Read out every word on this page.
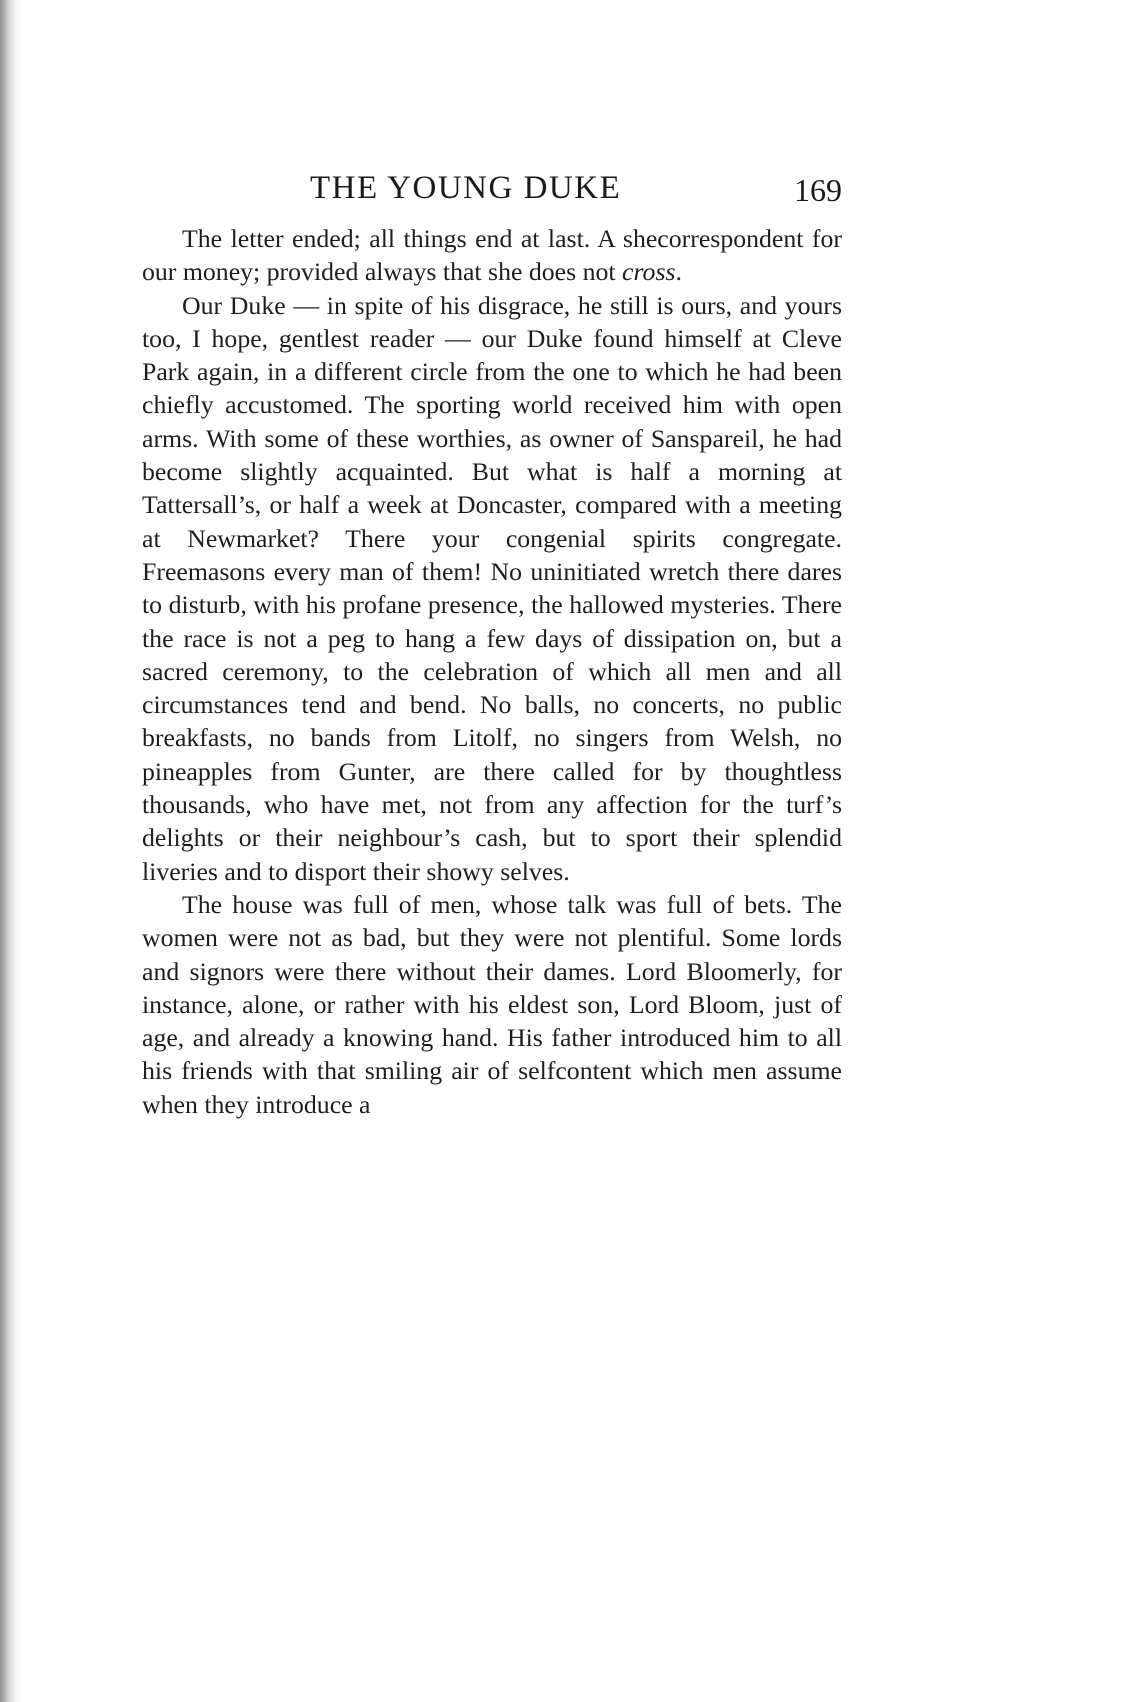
THE YOUNG DUKE	169

The letter ended; all things end at last. A shecorrespondent for our money; provided always that she does not cross.

Our Duke — in spite of his disgrace, he still is ours, and yours too, I hope, gentlest reader — our Duke found himself at Cleve Park again, in a different circle from the one to which he had been chiefly accustomed. The sporting world received him with open arms. With some of these worthies, as owner of Sanspareil, he had become slightly acquainted. But what is half a morning at Tattersall’s, or half a week at Doncaster, compared with a meeting at Newmarket? There your congenial spirits congregate. Freemasons every man of them! No uninitiated wretch there dares to disturb, with his profane presence, the hallowed mysteries. There the race is not a peg to hang a few days of dissipation on, but a sacred ceremony, to the celebration of which all men and all circumstances tend and bend. No balls, no concerts, no public breakfasts, no bands from Litolf, no singers from Welsh, no pineapples from Gunter, are there called for by thoughtless thousands, who have met, not from any affection for the turf’s delights or their neighbour’s cash, but to sport their splendid liveries and to disport their showy selves.

The house was full of men, whose talk was full of bets. The women were not as bad, but they were not plentiful. Some lords and signors were there without their dames. Lord Bloomerly, for instance, alone, or rather with his eldest son, Lord Bloom, just of age, and already a knowing hand. His father introduced him to all his friends with that smiling air of selfcontent which men assume when they introduce a
